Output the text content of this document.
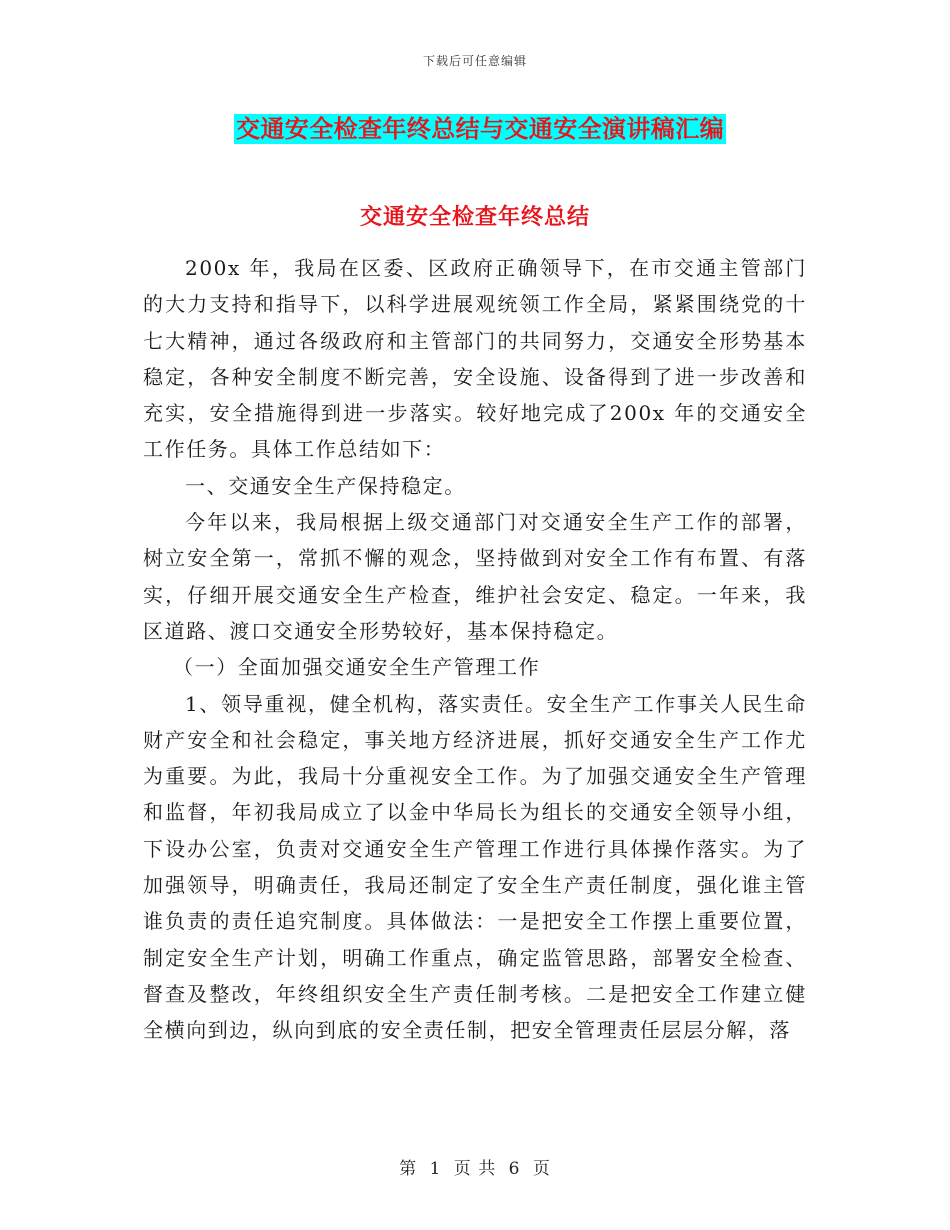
下载后可任意编辑
交通安全检查年终总结与交通安全演讲稿汇编
交通安全检查年终总结

200x 年，我局在区委、区政府正确领导下，在市交通主管部门的大力支持和指导下，以科学进展观统领工作全局，紧紧围绕党的十七大精神，通过各级政府和主管部门的共同努力，交通安全形势基本稳定，各种安全制度不断完善，安全设施、设备得到了进一步改善和充实，安全措施得到进一步落实。较好地完成了200x 年的交通安全工作任务。具体工作总结如下：

一、交通安全生产保持稳定。

今年以来，我局根据上级交通部门对交通安全生产工作的部署，树立安全第一，常抓不懈的观念，坚持做到对安全工作有布置、有落实，仔细开展交通安全生产检查，维护社会安定、稳定。一年来，我区道路、渡口交通安全形势较好，基本保持稳定。

（一）全面加强交通安全生产管理工作

1、领导重视，健全机构，落实责任。安全生产工作事关人民生命财产安全和社会稳定，事关地方经济进展，抓好交通安全生产工作尤为重要。为此，我局十分重视安全工作。为了加强交通安全生产管理和监督，年初我局成立了以金中华局长为组长的交通安全领导小组，下设办公室，负责对交通安全生产管理工作进行具体操作落实。为了加强领导，明确责任，我局还制定了安全生产责任制度，强化谁主管谁负责的责任追究制度。具体做法：一是把安全工作摆上重要位置，制定安全生产计划，明确工作重点，确定监管思路，部署安全检查、督查及整改，年终组织安全生产责任制考核。二是把安全工作建立健全横向到边，纵向到底的安全责任制，把安全管理责任层层分解，落

第 1 页 共 6 页
